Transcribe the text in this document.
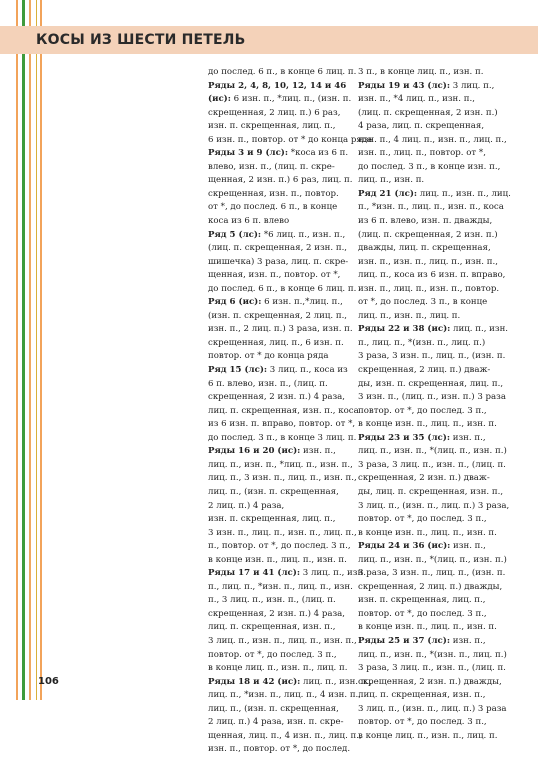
КОСЫ ИЗ ШЕСТИ ПЕТЕЛЬ
до послед. 6 п., в конце 6 лиц. п.
Ряды 2, 4, 8, 10, 12, 14 и 46
(ис): 6 изн. п., *лиц. п., (изн. п.
скрещенная, 2 лиц. п.) 6 раз,
изн. п. скрещенная, лиц. п.,
6 изн. п., повтор. от * до конца ряда
Ряды 3 и 9 (лс): *коса из 6 п.
влево, изн. п., (лиц. п. скре-
щенная, 2 изн. п.) 6 раз, лиц. п.
скрещенная, изн. п., повтор.
от *, до послед. 6 п., в конце
коса из 6 п. влево
Ряд 5 (лс): *6 лиц. п., изн. п.,
(лиц. п. скрещенная, 2 изн. п.,
шишечка) 3 раза, лиц. п. скре-
щенная, изн. п., повтор. от *,
до послед. 6 п., в конце 6 лиц. п.
Ряд 6 (ис): 6 изн. п.,*лиц. п.,
(изн. п. скрещенная, 2 лиц. п.,
изн. п., 2 лиц. п.) 3 раза, изн. п.
скрещенная, лиц. п., 6 изн. п.
повтор. от * до конца ряда
Ряд 15 (лс): 3 лиц. п., коса из
6 п. влево, изн. п., (лиц. п.
скрещенная, 2 изн. п.) 4 раза,
лиц. п. скрещенная, изн. п., коса
из 6 изн. п. вправо, повтор. от *,
до послед. 3 п., в конце 3 лиц. п.
Ряды 16 и 20 (ис): изн. п.,
лиц. п., изн. п., *лиц. п., изн. п.,
лиц. п., 3 изн. п., лиц. п., изн. п.,
лиц. п., (изн. п. скрещенная,
2 лиц. п.) 4 раза,
изн. п. скрещенная, лиц. п.,
3 изн. п., лиц. п., изн. п., лиц. п.,
п., повтор. от *, до послед. 3 п.,
в конце изн. п., лиц. п., изн. п.
Ряды 17 и 41 (лс): 3 лиц. п., изн.
п., лиц. п., *изн. п., лиц. п., изн.
п., 3 лиц. п., изн. п., (лиц. п.
скрещенная, 2 изн. п.) 4 раза,
лиц. п. скрещенная, изн. п.,
3 лиц. п., изн. п., лиц. п., изн. п.,
повтор. от *, до послед. 3 п.,
в конце лиц. п., изн. п., лиц. п.
Ряды 18 и 42 (ис): лиц. п., изн. п.,
лиц. п., *изн. п., лиц. п., 4 изн. п.,
лиц. п., (изн. п. скрещенная,
2 лиц. п.) 4 раза, изн. п. скре-
щенная, лиц. п., 4 изн. п., лиц. п.,
изн. п., повтор. от *, до послед.
3 п., в конце лиц. п., изн. п.
Ряды 19 и 43 (лс): 3 лиц. п.,
изн. п., *4 лиц. п., изн. п.,
(лиц. п. скрещенная, 2 изн. п.)
4 раза, лиц. п. скрещенная,
изн. п., 4 лиц. п., изн. п., лиц. п.,
изн. п., лиц. п., повтор. от *,
до послед. 3 п., в конце изн. п.,
лиц. п., изн. п.
Ряд 21 (лс): лиц. п., изн. п., лиц.
п., *изн. п., лиц. п., изн. п., коса
из 6 п. влево, изн. п. дважды,
(лиц. п. скрещенная, 2 изн. п.)
дважды, лиц. п. скрещенная,
изн. п., изн. п., лиц. п., изн. п.,
лиц. п., коса из 6 изн. п. вправо,
изн. п., лиц. п., изн. п., повтор.
от *, до послед. 3 п., в конце
лиц. п., изн. п., лиц. п.
Ряды 22 и 38 (ис): лиц. п., изн.
п., лиц. п., *(изн. п., лиц. п.)
3 раза, 3 изн. п., лиц. п., (изн. п.
скрещенная, 2 лиц. п.) дваж-
ды, изн. п. скрещенная, лиц. п.,
3 изн. п., (лиц. п., изн. п.) 3 раза
повтор. от *, до послед. 3 п.,
в конце изн. п., лиц. п., изн. п.
Ряды 23 и 35 (лс): изн. п.,
лиц. п., изн. п., *(лиц. п., изн. п.)
3 раза, 3 лиц. п., изн. п., (лиц. п.
скрещенная, 2 изн. п.) дваж-
ды, лиц. п. скрещенная, изн. п.,
3 лиц. п., (изн. п., лиц. п.) 3 раза,
повтор. от *, до послед. 3 п.,
в конце изн. п., лиц. п., изн. п.
Ряды 24 и 36 (ис): изн. п.,
лиц. п., изн. п., *(лиц. п., изн. п.)
3 раза, 3 изн. п., лиц. п., (изн. п.
скрещенная, 2 лиц. п.) дважды,
изн. п. скрещенная, лиц. п.,
повтор. от *, до послед. 3 п.,
в конце изн. п., лиц. п., изн. п.
Ряды 25 и 37 (лс): изн. п.,
лиц. п., изн. п., *(изн. п., лиц. п.)
3 раза, 3 лиц. п., изн. п., (лиц. п.
скрещенная, 2 изн. п.) дважды,
лиц. п. скрещенная, изн. п.,
3 лиц. п., (изн. п., лиц. п.) 3 раза
повтор. от *, до послед. 3 п.,
в конце лиц. п., изн. п., лиц. п.
106
